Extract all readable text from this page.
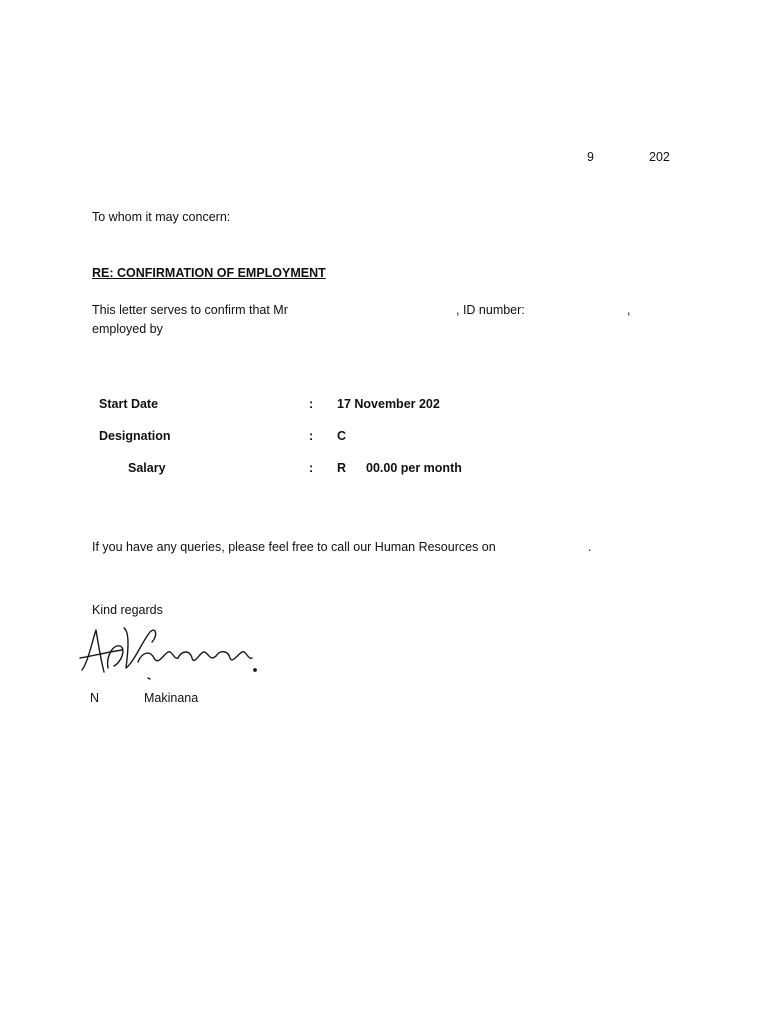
9	202
To whom it may concern:
RE: CONFIRMATION OF EMPLOYMENT
This letter serves to confirm that Mr	, ID number:	,
employed by
Start Date	: 17 November 202
Designation	: C
Salary	: R 00.00 per month
If you have any queries, please feel free to call our Human Resources on	.
Kind regards
N	Makinana
